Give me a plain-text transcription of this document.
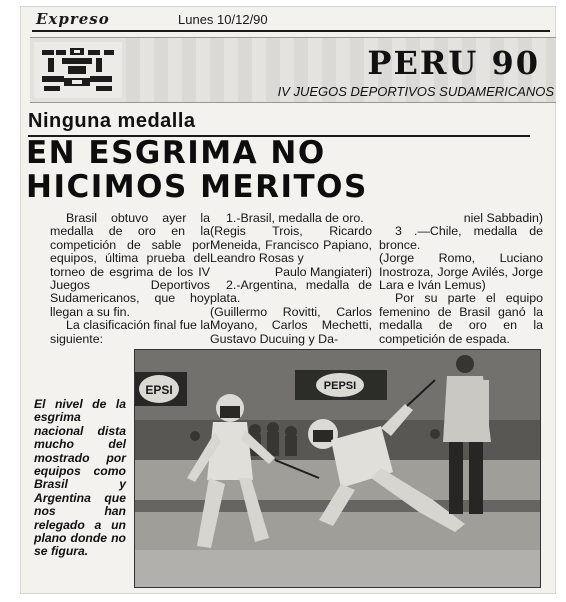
Expreso	Lunes 10/12/90
PERU 90
IV JUEGOS DEPORTIVOS SUDAMERICANOS
Ninguna medalla
EN ESGRIMA NO
HICIMOS MERITOS

Brasil obtuvo ayer la medalla de oro en la competición de sable por equipos, última prueba del torneo de esgrima de los IV Juegos Deportivos Sudamericanos, que hoy llegan a su fin.

La clasificación final fue la siguiente:

1.-Brasil, medalla de oro.

(Regis Trois, Ricardo Meneida, Francisco Papiano, Leandro Rosas y

Paulo Mangiateri)

2.-Argentina, medalla de plata.

(Guillermo Rovitti, Carlos Moyano, Carlos Mechetti, Gustavo Ducuing y Da-

niel Sabbadin)

3 .—Chile, medalla de bronce.

(Jorge Romo, Luciano Inostroza, Jorge Avilés, Jorge Lara e Iván Lemus)

Por su parte el equipo femenino de Brasil ganó la medalla de oro en la competición de espada.

El nivel de la esgrima nacional dista mucho del mostrado por equipos como Brasil y Argentina que nos han relegado a un plano donde no se figura.

EPSI	PEPSI
